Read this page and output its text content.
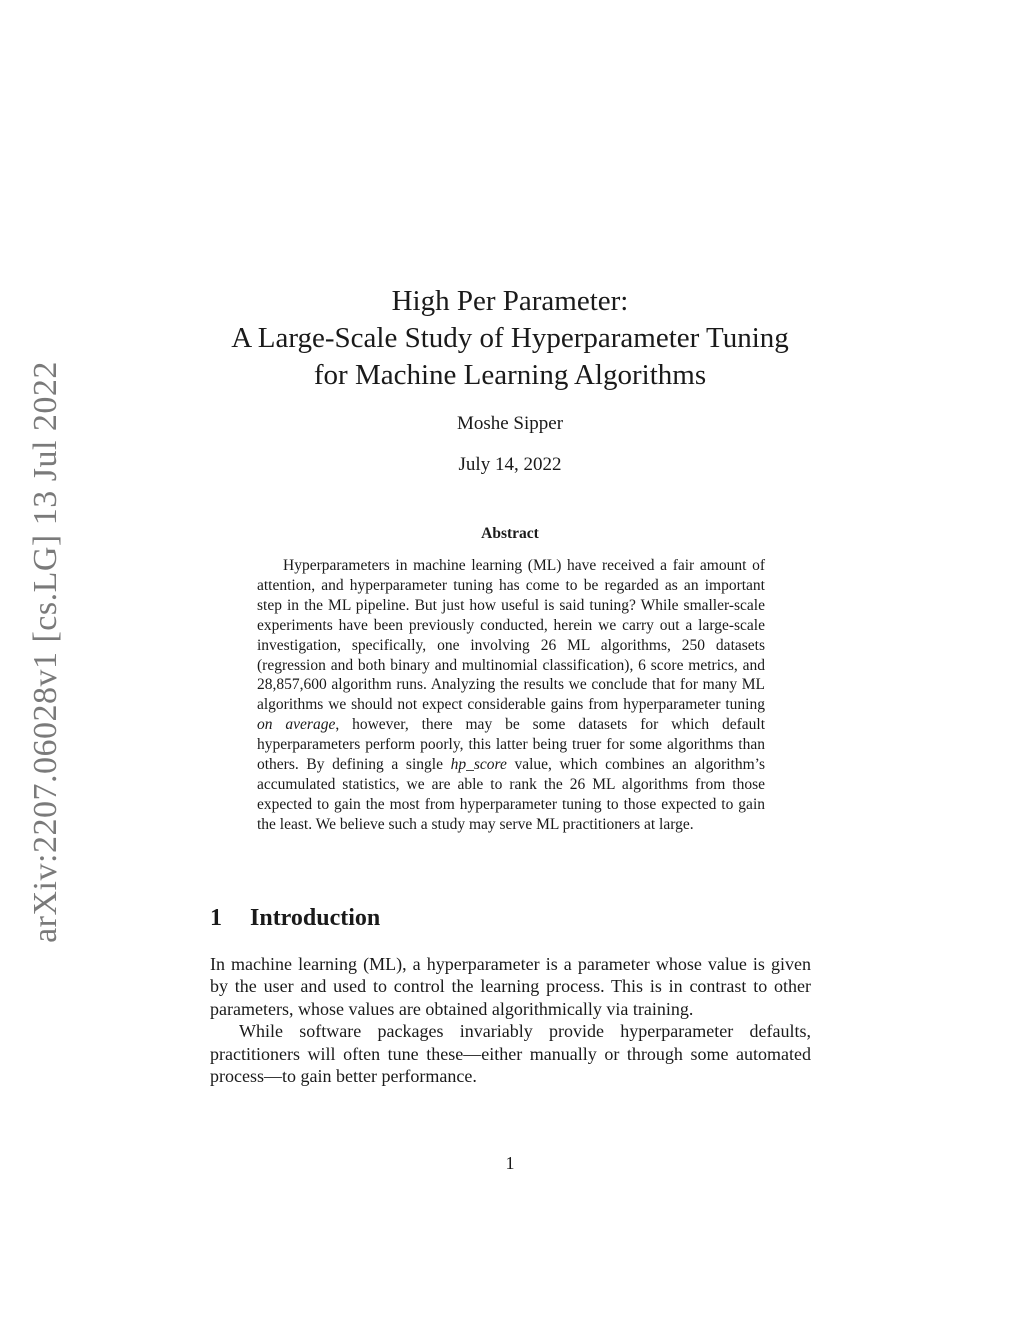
arXiv:2207.06028v1 [cs.LG] 13 Jul 2022
High Per Parameter:
A Large-Scale Study of Hyperparameter Tuning
for Machine Learning Algorithms
Moshe Sipper
July 14, 2022
Abstract
Hyperparameters in machine learning (ML) have received a fair amount of attention, and hyperparameter tuning has come to be regarded as an important step in the ML pipeline. But just how useful is said tuning? While smaller-scale experiments have been previously conducted, herein we carry out a large-scale investigation, specifically, one involving 26 ML algorithms, 250 datasets (regression and both binary and multinomial classification), 6 score metrics, and 28,857,600 algorithm runs. Analyzing the results we conclude that for many ML algorithms we should not expect considerable gains from hyperparameter tuning on average, however, there may be some datasets for which default hyperparameters perform poorly, this latter being truer for some algorithms than others. By defining a single hp_score value, which combines an algorithm’s accumulated statistics, we are able to rank the 26 ML algorithms from those expected to gain the most from hyperparameter tuning to those expected to gain the least. We believe such a study may serve ML practitioners at large.
1 Introduction

In machine learning (ML), a hyperparameter is a parameter whose value is given by the user and used to control the learning process. This is in contrast to other parameters, whose values are obtained algorithmically via training.

While software packages invariably provide hyperparameter defaults, practitioners will often tune these—either manually or through some automated process—to gain better performance.

1
